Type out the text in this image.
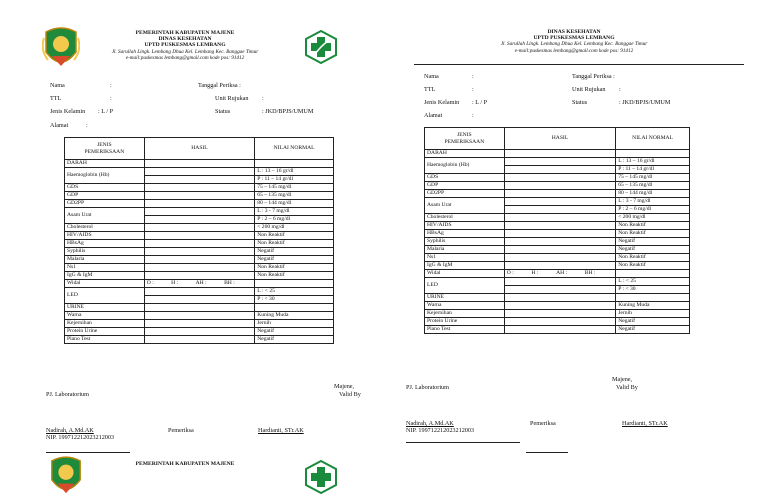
PEMERINTAH KABUPATEN MAJENE
DINAS KESEHATAN
UPTD PUSKESMAS LEMBANG
Jl. Sarullah Lingk. Lembang Dhua Kel. Lembang Kec. Banggae Timur
e-mail:puskesmas lembang@gmail.com kode pos: 91412
Nama	:
TTL	:
Jenis Kelamin : L / P
Alamat	:
Tanggal Periksa :
Unit Rujukan :
Status	: JKD/BPJS/UMUM
JENIS
PEMERIKSAAN	HASIL	NILAI NORMAL
DARAH		
Haemoglobin (Hb)		L : 13 – 16 gr/dl
		P : 11 – 14 gr/dl
GDS		75 – 145 mg/dl
GDP		65 – 135 mg/dl
GD2PP		80 – 144 mg/dl
Asam Urat		L : 3 - 7 mg/dl
		P : 2 – 6 mg/dl
Cholesterol		< 200 mg/dl
HIV/AIDS		Non Reaktif
HBsAg		Non Reaktif
Syphilis		Negatif
Malaria		Negatif
Ns1		Non Reaktif
IgG & IgM		Non Reaktif
Widal	O : H : AH : BH :	

LED		L : < 25
		P : < 30
URINE		
Warna		Kuning Muda
Kejernihan		Jernih
Protein Urine		Negatif
Plano Test		Negatif
Majene,
Valid By
PJ. Laboratorium
Nadirah, A.Md.AK
NIP. 199712212023212003
Pemeriksa	Hardianti, STr.AK
PEMERINTAH KABUPATEN MAJENE
DINAS KESEHATAN
UPTD PUSKESMAS LEMBANG
Jl. Sarullah Lingk. Lembang Dhua Kel. Lembang Kec. Banggae Timur
e-mail:puskesmas lembang@gmail.com kode pos: 91412
Nama	:
TTL	:
Jenis Kelamin : L / P
Alamat	:
Tanggal Periksa :
Unit Rujukan :
Status	: JKD/BPJS/UMUM
JENIS
PEMERIKSAAN	HASIL	NILAI NORMAL
DARAH		
Haemoglobin (Hb)		L : 13 – 16 gr/dl
		P : 11 – 14 gr/dl
GDS		75 – 145 mg/dl
GDP		65 – 135 mg/dl
GD2PP		80 – 144 mg/dl
Asam Urat		L : 3 - 7 mg/dl
		P : 2 – 6 mg/dl
Cholesterol		< 200 mg/dl
HIV/AIDS		Non Reaktif
HBsAg		Non Reaktif
Syphilis		Negatif
Malaria		Negatif
Ns1		Non Reaktif
IgG & IgM		Non Reaktif
Widal	O : H : AH : BH :	

LED		L : < 25
		P : < 30
URINE		
Warna		Kuning Muda
Kejernihan		Jernih
Protein Urine		Negatif
Plano Test		Negatif
Majene,
Valid By
PJ. Laboratorium
Nadirah, A.Md.AK
NIP. 199712212023212003
Pemeriksa	Hardianti, STr.AK
